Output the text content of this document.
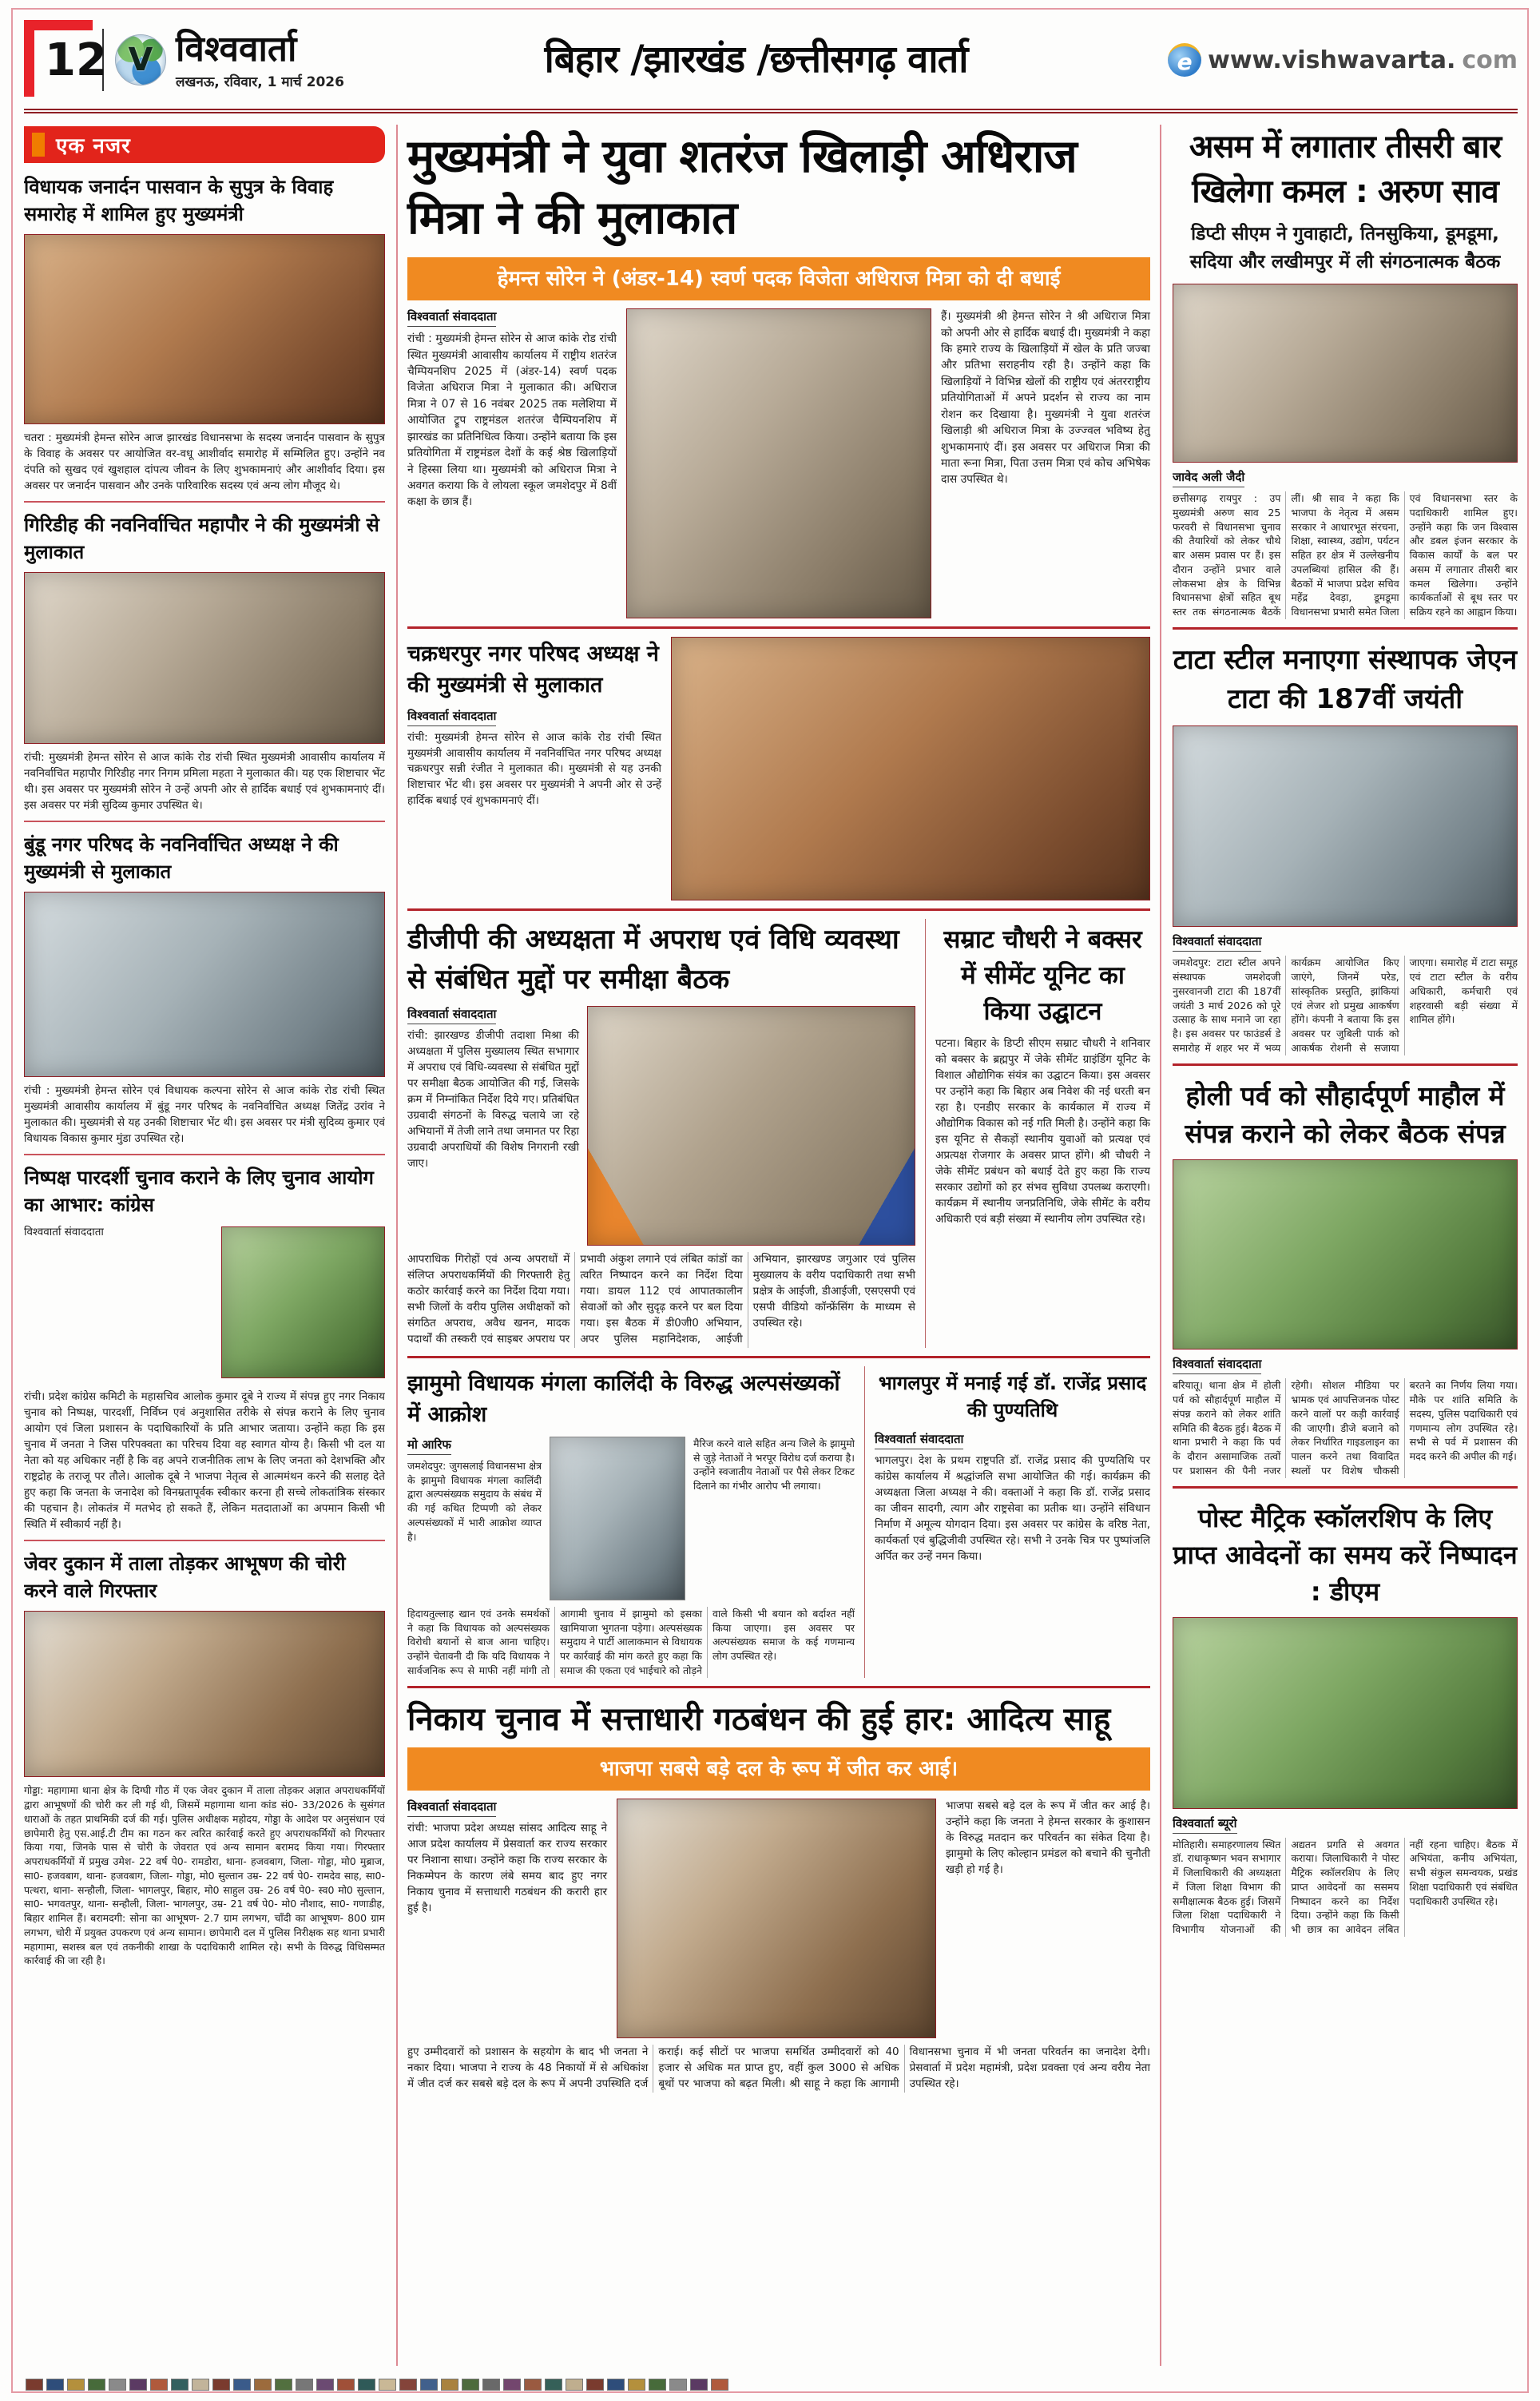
12 V विश्ववार्ता
लखनऊ, रविवार, 1 मार्च 2026
बिहार /झारखंड /छत्तीसगढ़ वार्ता	e www.vishwavarta. com
एक नजर
विधायक जनार्दन पासवान के सुपुत्र के विवाह समारोह में शामिल हुए मुख्यमंत्री
चतरा : मुख्यमंत्री हेमन्त सोरेन आज झारखंड विधानसभा के सदस्य जनार्दन पासवान के सुपुत्र के विवाह के अवसर पर आयोजित वर-वधू आशीर्वाद समारोह में सम्मिलित हुए। उन्होंने नव दंपति को सुखद एवं खुशहाल दांपत्य जीवन के लिए शुभकामनाएं और आशीर्वाद दिया। इस अवसर पर जनार्दन पासवान और उनके पारिवारिक सदस्य एवं अन्य लोग मौजूद थे।
गिरिडीह की नवनिर्वाचित महापौर ने की मुख्यमंत्री से मुलाकात
रांची: मुख्यमंत्री हेमन्त सोरेन से आज कांके रोड रांची स्थित मुख्यमंत्री आवासीय कार्यालय में नवनिर्वाचित महापौर गिरिडीह नगर निगम प्रमिला महता ने मुलाकात की। यह एक शिष्टाचार भेंट थी। इस अवसर पर मुख्यमंत्री सोरेन ने उन्हें अपनी ओर से हार्दिक बधाई एवं शुभकामनाएं दीं। इस अवसर पर मंत्री सुदिव्य कुमार उपस्थित थे।
बुंडू नगर परिषद के नवनिर्वाचित अध्यक्ष ने की मुख्यमंत्री से मुलाकात
रांची : मुख्यमंत्री हेमन्त सोरेन एवं विधायक कल्पना सोरेन से आज कांके रोड रांची स्थित मुख्यमंत्री आवासीय कार्यालय में बुंडू नगर परिषद के नवनिर्वाचित अध्यक्ष जितेंद्र उरांव ने मुलाकात की। मुख्यमंत्री से यह उनकी शिष्टाचार भेंट थी। इस अवसर पर मंत्री सुदिव्य कुमार एवं विधायक विकास कुमार मुंडा उपस्थित रहे।
निष्पक्ष पारदर्शी चुनाव कराने के लिए चुनाव आयोग का आभार: कांग्रेस
विश्ववार्ता संवाददाता
रांची। प्रदेश कांग्रेस कमिटी के महासचिव आलोक कुमार दूबे ने राज्य में संपन्न हुए नगर निकाय चुनाव को निष्पक्ष, पारदर्शी, निर्विघ्न एवं अनुशासित तरीके से संपन्न कराने के लिए चुनाव आयोग एवं जिला प्रशासन के पदाधिकारियों के प्रति आभार जताया। उन्होंने कहा कि इस चुनाव में जनता ने जिस परिपक्वता का परिचय दिया वह स्वागत योग्य है। किसी भी दल या नेता को यह अधिकार नहीं है कि वह अपने राजनीतिक लाभ के लिए जनता को देशभक्ति और राष्ट्रद्रोह के तराजू पर तौले। आलोक दूबे ने भाजपा नेतृत्व से आत्ममंथन करने की सलाह देते हुए कहा कि जनता के जनादेश को विनम्रतापूर्वक स्वीकार करना ही सच्चे लोकतांत्रिक संस्कार की पहचान है। लोकतंत्र में मतभेद हो सकते हैं, लेकिन मतदाताओं का अपमान किसी भी स्थिति में स्वीकार्य नहीं है।
जेवर दुकान में ताला तोड़कर आभूषण की चोरी करने वाले गिरफ्तार
गोड्डा: महागामा थाना क्षेत्र के दिग्घी गौठ में एक जेवर दुकान में ताला तोड़कर अज्ञात अपराधकर्मियों द्वारा आभूषणों की चोरी कर ली गई थी, जिसमें महागामा थाना कांड सं0- 33/2026 के सुसंगत धाराओं के तहत प्राथमिकी दर्ज की गई। पुलिस अधीक्षक महोदय, गोड्डा के आदेश पर अनुसंधान एवं छापेमारी हेतु एस.आई.टी टीम का गठन कर त्वरित कार्रवाई करते हुए अपराधकर्मियों को गिरफ्तार किया गया, जिनके पास से चोरी के जेवरात एवं अन्य सामान बरामद किया गया। गिरफ्तार अपराधकर्मियों में प्रमुख उमेश- 22 वर्ष पे0- रामडोरा, थाना- हजवबाग, जिला- गोड्डा, मो0 मुब्राज, सा0- हजवबाग, थाना- हजवबाग, जिला- गोड्डा, मो0 सुल्तान उम्र- 22 वर्ष पे0- रामदेव साह, सा0- पत्थरा, थाना- सन्हौली, जिला- भागलपुर, बिहार, मो0 साहुल उम्र- 26 वर्ष पे0- स्व0 मो0 सुल्तान, सा0- भगवतपुर, थाना- सन्हौली, जिला- भागलपुर, उम्र- 21 वर्ष पे0- मो0 नौशाद, सा0- गणाडीह, बिहार शामिल हैं। बरामदगी: सोना का आभूषण- 2.7 ग्राम लगभग, चाँदी का आभूषण- 800 ग्राम लगभग, चोरी में प्रयुक्त उपकरण एवं अन्य सामान। छापेमारी दल में पुलिस निरीक्षक सह थाना प्रभारी महागामा, सशस्त्र बल एवं तकनीकी शाखा के पदाधिकारी शामिल रहे। सभी के विरुद्ध विधिसम्मत कार्रवाई की जा रही है।
मुख्यमंत्री ने युवा शतरंज खिलाड़ी अधिराज मित्रा ने की मुलाकात
हेमन्त सोरेन ने (अंडर-14) स्वर्ण पदक विजेता अधिराज मित्रा को दी बधाई
विश्ववार्ता संवाददाता
रांची : मुख्यमंत्री हेमन्त सोरेन से आज कांके रोड रांची स्थित मुख्यमंत्री आवासीय कार्यालय में राष्ट्रीय शतरंज चैम्पियनशिप 2025 में (अंडर-14) स्वर्ण पदक विजेता अधिराज मित्रा ने मुलाकात की। अधिराज मित्रा ने 07 से 16 नवंबर 2025 तक मलेशिया में आयोजित ट्रूप राष्ट्रमंडल शतरंज चैम्पियनशिप में झारखंड का प्रतिनिधित्व किया। उन्होंने बताया कि इस प्रतियोगिता में राष्ट्रमंडल देशों के कई श्रेष्ठ खिलाड़ियों ने हिस्सा लिया था। मुख्यमंत्री को अधिराज मित्रा ने अवगत कराया कि वे लोयला स्कूल जमशेदपुर में 8वीं कक्षा के छात्र हैं।
हैं। मुख्यमंत्री श्री हेमन्त सोरेन ने श्री अधिराज मित्रा को अपनी ओर से हार्दिक बधाई दी। मुख्यमंत्री ने कहा कि हमारे राज्य के खिलाड़ियों में खेल के प्रति जज्बा और प्रतिभा सराहनीय रही है। उन्होंने कहा कि खिलाड़ियों ने विभिन्न खेलों की राष्ट्रीय एवं अंतरराष्ट्रीय प्रतियोगिताओं में अपने प्रदर्शन से राज्य का नाम रोशन कर दिखाया है। मुख्यमंत्री ने युवा शतरंज खिलाड़ी श्री अधिराज मित्रा के उज्ज्वल भविष्य हेतु शुभकामनाएं दीं। इस अवसर पर अधिराज मित्रा की माता रूना मित्रा, पिता उत्तम मित्रा एवं कोच अभिषेक दास उपस्थित थे।
चक्रधरपुर नगर परिषद अध्यक्ष ने की मुख्यमंत्री से मुलाकात
विश्ववार्ता संवाददाता
रांची: मुख्यमंत्री हेमन्त सोरेन से आज कांके रोड रांची स्थित मुख्यमंत्री आवासीय कार्यालय में नवनिर्वाचित नगर परिषद अध्यक्ष चक्रधरपुर सन्नी रंजीत ने मुलाकात की। मुख्यमंत्री से यह उनकी शिष्टाचार भेंट थी। इस अवसर पर मुख्यमंत्री ने अपनी ओर से उन्हें हार्दिक बधाई एवं शुभकामनाएं दीं।
डीजीपी की अध्यक्षता में अपराध एवं विधि व्यवस्था से संबंधित मुद्दों पर समीक्षा बैठक
विश्ववार्ता संवाददाता
रांची: झारखण्ड डीजीपी तदाशा मिश्रा की अध्यक्षता में पुलिस मुख्यालय स्थित सभागार में अपराध एवं विधि-व्यवस्था से संबंधित मुद्दों पर समीक्षा बैठक आयोजित की गई, जिसके क्रम में निम्नांकित निर्देश दिये गए। प्रतिबंधित उग्रवादी संगठनों के विरुद्ध चलाये जा रहे अभियानों में तेजी लाने तथा जमानत पर रिहा उग्रवादी अपराधियों की विशेष निगरानी रखी जाए।
आपराधिक गिरोहों एवं अन्य अपराधों में संलिप्त अपराधकर्मियों की गिरफ्तारी हेतु कठोर कार्रवाई करने का निर्देश दिया गया। सभी जिलों के वरीय पुलिस अधीक्षकों को संगठित अपराध, अवैध खनन, मादक पदार्थों की तस्करी एवं साइबर अपराध पर प्रभावी अंकुश लगाने एवं लंबित कांडों का त्वरित निष्पादन करने का निर्देश दिया गया। डायल 112 एवं आपातकालीन सेवाओं को और सुदृढ़ करने पर बल दिया गया। इस बैठक में डी0जी0 अभियान, अपर पुलिस महानिदेशक, आईजी अभियान, झारखण्ड जगुआर एवं पुलिस मुख्यालय के वरीय पदाधिकारी तथा सभी प्रक्षेत्र के आईजी, डीआईजी, एसएसपी एवं एसपी वीडियो कॉन्फ्रेंसिंग के माध्यम से उपस्थित रहे।
सम्राट चौधरी ने बक्सर में सीमेंट यूनिट का किया उद्घाटन
पटना। बिहार के डिप्टी सीएम सम्राट चौधरी ने शनिवार को बक्सर के ब्रह्मपुर में जेके सीमेंट ग्राइंडिंग यूनिट के विशाल औद्योगिक संयंत्र का उद्घाटन किया। इस अवसर पर उन्होंने कहा कि बिहार अब निवेश की नई धरती बन रहा है। एनडीए सरकार के कार्यकाल में राज्य में औद्योगिक विकास को नई गति मिली है। उन्होंने कहा कि इस यूनिट से सैकड़ों स्थानीय युवाओं को प्रत्यक्ष एवं अप्रत्यक्ष रोजगार के अवसर प्राप्त होंगे। श्री चौधरी ने जेके सीमेंट प्रबंधन को बधाई देते हुए कहा कि राज्य सरकार उद्योगों को हर संभव सुविधा उपलब्ध कराएगी। कार्यक्रम में स्थानीय जनप्रतिनिधि, जेके सीमेंट के वरीय अधिकारी एवं बड़ी संख्या में स्थानीय लोग उपस्थित रहे।
झामुमो विधायक मंगला कालिंदी के विरुद्ध अल्पसंख्यकों में आक्रोश
मो आरिफ
जमशेदपुर: जुगसलाई विधानसभा क्षेत्र के झामुमो विधायक मंगला कालिंदी द्वारा अल्पसंख्यक समुदाय के संबंध में की गई कथित टिप्पणी को लेकर अल्पसंख्यकों में भारी आक्रोश व्याप्त है।
मैरिज करने वाले सहित अन्य जिले के झामुमो से जुड़े नेताओं ने भरपूर विरोध दर्ज कराया है। उन्होंने स्वजातीय नेताओं पर पैसे लेकर टिकट दिलाने का गंभीर आरोप भी लगाया।
हिदायतुल्लाह खान एवं उनके समर्थकों ने कहा कि विधायक को अल्पसंख्यक विरोधी बयानों से बाज आना चाहिए। उन्होंने चेतावनी दी कि यदि विधायक ने सार्वजनिक रूप से माफी नहीं मांगी तो आगामी चुनाव में झामुमो को इसका खामियाजा भुगतना पड़ेगा। अल्पसंख्यक समुदाय ने पार्टी आलाकमान से विधायक पर कार्रवाई की मांग करते हुए कहा कि समाज की एकता एवं भाईचारे को तोड़ने वाले किसी भी बयान को बर्दाश्त नहीं किया जाएगा। इस अवसर पर अल्पसंख्यक समाज के कई गणमान्य लोग उपस्थित रहे।
भागलपुर में मनाई गई डॉ. राजेंद्र प्रसाद की पुण्यतिथि
विश्ववार्ता संवाददाता
भागलपुर। देश के प्रथम राष्ट्रपति डॉ. राजेंद्र प्रसाद की पुण्यतिथि पर कांग्रेस कार्यालय में श्रद्धांजलि सभा आयोजित की गई। कार्यक्रम की अध्यक्षता जिला अध्यक्ष ने की। वक्ताओं ने कहा कि डॉ. राजेंद्र प्रसाद का जीवन सादगी, त्याग और राष्ट्रसेवा का प्रतीक था। उन्होंने संविधान निर्माण में अमूल्य योगदान दिया। इस अवसर पर कांग्रेस के वरिष्ठ नेता, कार्यकर्ता एवं बुद्धिजीवी उपस्थित रहे। सभी ने उनके चित्र पर पुष्पांजलि अर्पित कर उन्हें नमन किया।
निकाय चुनाव में सत्ताधारी गठबंधन की हुई हार: आदित्य साहू
भाजपा सबसे बड़े दल के रूप में जीत कर आई।
विश्ववार्ता संवाददाता
रांची: भाजपा प्रदेश अध्यक्ष सांसद आदित्य साहू ने आज प्रदेश कार्यालय में प्रेसवार्ता कर राज्य सरकार पर निशाना साधा। उन्होंने कहा कि राज्य सरकार के निकम्मेपन के कारण लंबे समय बाद हुए नगर निकाय चुनाव में सत्ताधारी गठबंधन की करारी हार हुई है।
भाजपा सबसे बड़े दल के रूप में जीत कर आई है। उन्होंने कहा कि जनता ने हेमन्त सरकार के कुशासन के विरुद्ध मतदान कर परिवर्तन का संकेत दिया है। झामुमो के लिए कोल्हान प्रमंडल को बचाने की चुनौती खड़ी हो गई है।
हुए उम्मीदवारों को प्रशासन के सहयोग के बाद भी जनता ने नकार दिया। भाजपा ने राज्य के 48 निकायों में से अधिकांश में जीत दर्ज कर सबसे बड़े दल के रूप में अपनी उपस्थिति दर्ज कराई। कई सीटों पर भाजपा समर्थित उम्मीदवारों को 40 हजार से अधिक मत प्राप्त हुए, वहीं कुल 3000 से अधिक बूथों पर भाजपा को बढ़त मिली। श्री साहू ने कहा कि आगामी विधानसभा चुनाव में भी जनता परिवर्तन का जनादेश देगी। प्रेसवार्ता में प्रदेश महामंत्री, प्रदेश प्रवक्ता एवं अन्य वरीय नेता उपस्थित रहे।
असम में लगातार तीसरी बार खिलेगा कमल : अरुण साव
डिप्टी सीएम ने गुवाहाटी, तिनसुकिया, डूमडूमा, सदिया और लखीमपुर में ली संगठनात्मक बैठक
जावेद अली जैदी
छत्तीसगढ़ रायपुर : उप मुख्यमंत्री अरुण साव 25 फरवरी से विधानसभा चुनाव की तैयारियों को लेकर चौथे बार असम प्रवास पर हैं। इस दौरान उन्होंने प्रभार वाले लोकसभा क्षेत्र के विभिन्न विधानसभा क्षेत्रों सहित बूथ स्तर तक संगठनात्मक बैठकें लीं। श्री साव ने कहा कि भाजपा के नेतृत्व में असम सरकार ने आधारभूत संरचना, शिक्षा, स्वास्थ्य, उद्योग, पर्यटन सहित हर क्षेत्र में उल्लेखनीय उपलब्धियां हासिल की हैं। बैठकों में भाजपा प्रदेश सचिव महेंद्र देवड़ा, डूमडूमा विधानसभा प्रभारी समेत जिला एवं विधानसभा स्तर के पदाधिकारी शामिल हुए। उन्होंने कहा कि जन विश्वास और डबल इंजन सरकार के विकास कार्यों के बल पर असम में लगातार तीसरी बार कमल खिलेगा। उन्होंने कार्यकर्ताओं से बूथ स्तर पर सक्रिय रहने का आह्वान किया।
टाटा स्टील मनाएगा संस्थापक जेएन टाटा की 187वीं जयंती
विश्ववार्ता संवाददाता
जमशेदपुर: टाटा स्टील अपने संस्थापक जमशेदजी नुसरवानजी टाटा की 187वीं जयंती 3 मार्च 2026 को पूरे उत्साह के साथ मनाने जा रहा है। इस अवसर पर फाउंडर्स डे समारोह में शहर भर में भव्य कार्यक्रम आयोजित किए जाएंगे, जिनमें परेड, सांस्कृतिक प्रस्तुति, झांकियां एवं लेजर शो प्रमुख आकर्षण होंगे। कंपनी ने बताया कि इस अवसर पर जुबिली पार्क को आकर्षक रोशनी से सजाया जाएगा। समारोह में टाटा समूह एवं टाटा स्टील के वरीय अधिकारी, कर्मचारी एवं शहरवासी बड़ी संख्या में शामिल होंगे।
होली पर्व को सौहार्दपूर्ण माहौल में संपन्न कराने को लेकर बैठक संपन्न
विश्ववार्ता संवाददाता
बरियातू। थाना क्षेत्र में होली पर्व को सौहार्दपूर्ण माहौल में संपन्न कराने को लेकर शांति समिति की बैठक हुई। बैठक में थाना प्रभारी ने कहा कि पर्व के दौरान असामाजिक तत्वों पर प्रशासन की पैनी नजर रहेगी। सोशल मीडिया पर भ्रामक एवं आपत्तिजनक पोस्ट करने वालों पर कड़ी कार्रवाई की जाएगी। डीजे बजाने को लेकर निर्धारित गाइडलाइन का पालन करने तथा विवादित स्थलों पर विशेष चौकसी बरतने का निर्णय लिया गया। मौके पर शांति समिति के सदस्य, पुलिस पदाधिकारी एवं गणमान्य लोग उपस्थित रहे। सभी से पर्व में प्रशासन की मदद करने की अपील की गई।
पोस्ट मैट्रिक स्कॉलरशिप के लिए प्राप्त आवेदनों का समय करें निष्पादन : डीएम
विश्ववार्ता ब्यूरो
मोतिहारी। समाहरणालय स्थित डॉ. राधाकृष्णन भवन सभागार में जिलाधिकारी की अध्यक्षता में जिला शिक्षा विभाग की समीक्षात्मक बैठक हुई। जिसमें जिला शिक्षा पदाधिकारी ने विभागीय योजनाओं की अद्यतन प्रगति से अवगत कराया। जिलाधिकारी ने पोस्ट मैट्रिक स्कॉलरशिप के लिए प्राप्त आवेदनों का ससमय निष्पादन करने का निर्देश दिया। उन्होंने कहा कि किसी भी छात्र का आवेदन लंबित नहीं रहना चाहिए। बैठक में अभियंता, कनीय अभियंता, सभी संकुल समन्वयक, प्रखंड शिक्षा पदाधिकारी एवं संबंधित पदाधिकारी उपस्थित रहे।
